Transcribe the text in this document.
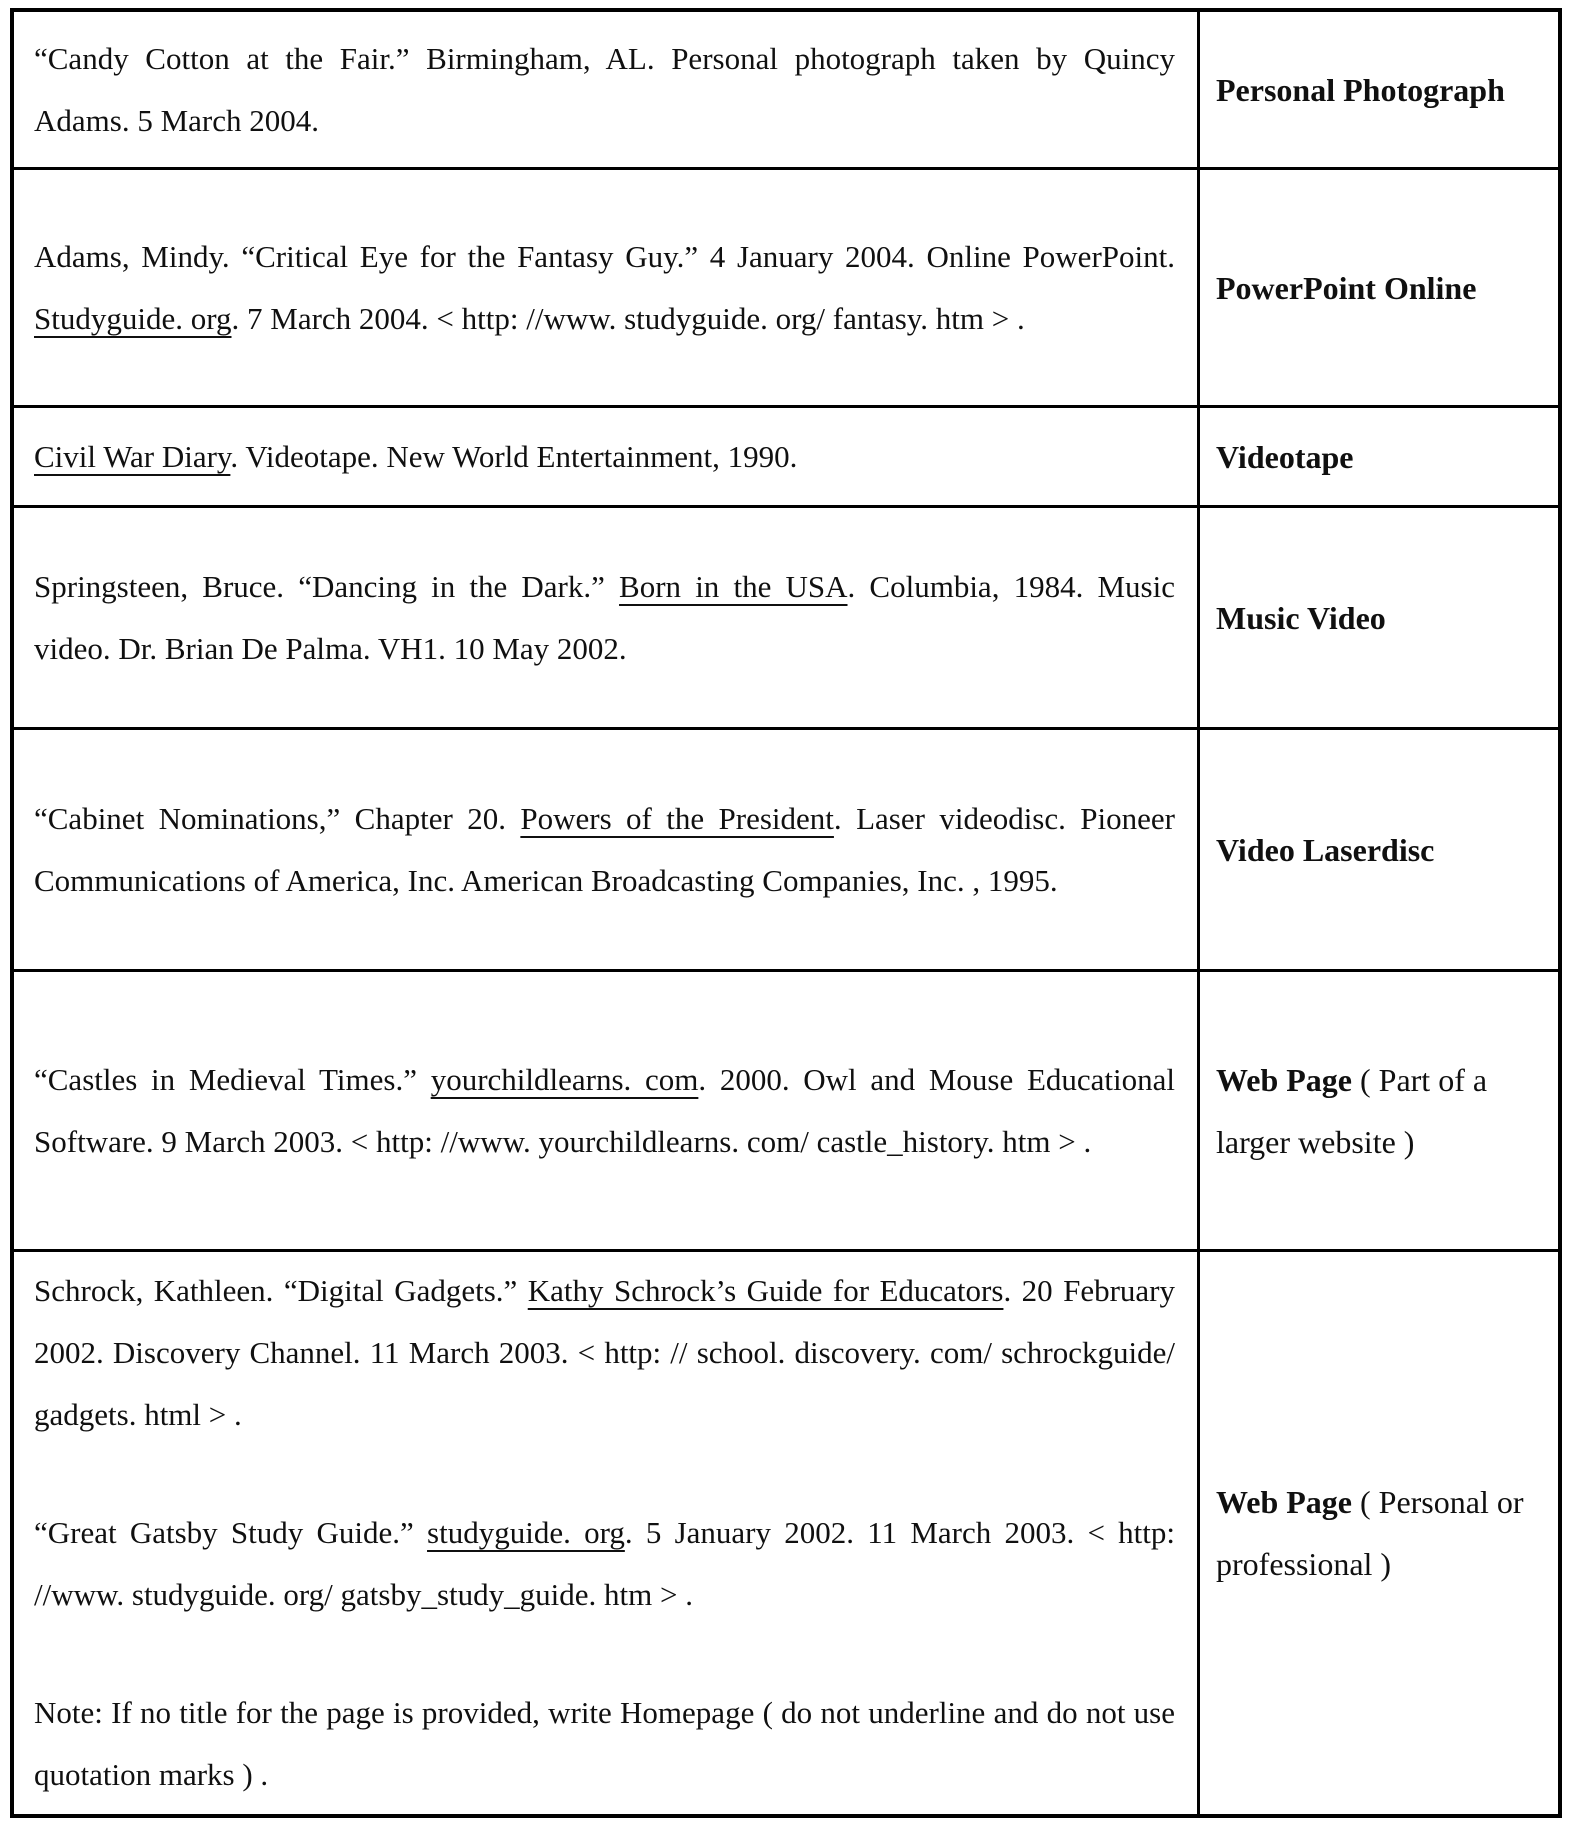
“Candy Cotton at the Fair.” Birmingham, AL. Personal photograph taken by Quincy Adams. 5 March 2004.

Personal Photograph

Adams, Mindy. “Critical Eye for the Fantasy Guy.” 4 January 2004. Online PowerPoint. Studyguide. org. 7 March 2004. < http: //www. studyguide. org/ fantasy. htm > .

PowerPoint Online

Civil War Diary. Videotape. New World Entertainment, 1990.	Videotape

Springsteen, Bruce. “Dancing in the Dark.” Born in the USA. Columbia, 1984. Music video. Dr. Brian De Palma. VH1. 10 May 2002.

Music Video

“Cabinet Nominations,” Chapter 20. Powers of the President. Laser videodisc. Pioneer Communications of America, Inc. American Broadcasting Companies, Inc. , 1995.

Video Laserdisc

“Castles in Medieval Times.” yourchildlearns. com. 2000. Owl and Mouse Educational Software. 9 March 2003. < http: //www. yourchildlearns. com/ castle_history. htm > .

Web Page ( Part of a larger website )

Schrock, Kathleen. “Digital Gadgets.” Kathy Schrock’s Guide for Educators. 20 February 2002. Discovery Channel. 11 March 2003. < http: // school. discovery. com/ schrockguide/ gadgets. html > .

“Great Gatsby Study Guide.” studyguide. org. 5 January 2002. 11 March 2003. < http: //www. studyguide. org/ gatsby_study_guide. htm > .

Note: If no title for the page is provided, write Homepage ( do not underline and do not use quotation marks ) .

Web Page ( Personal or professional )
